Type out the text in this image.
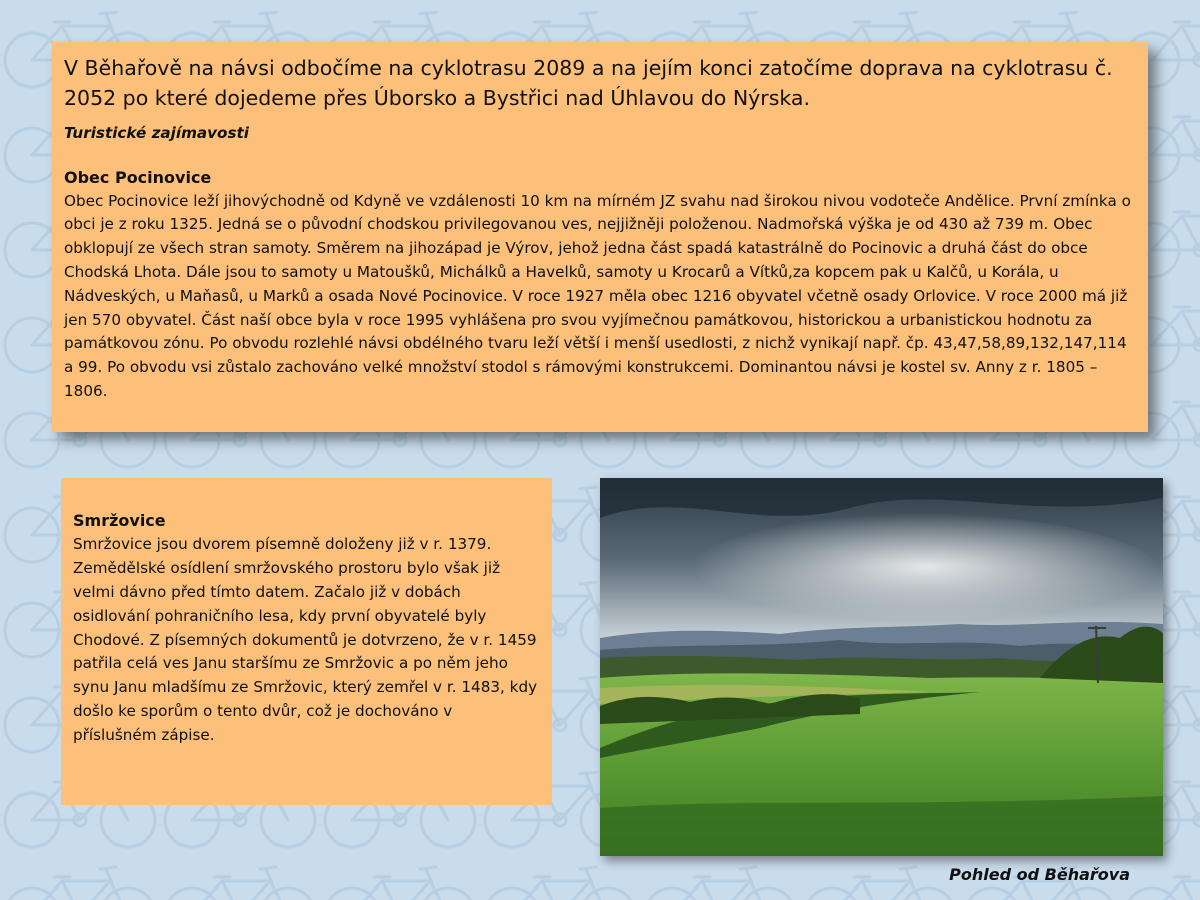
V Běhařově na návsi odbočíme na cyklotrasu 2089 a na jejím konci zatočíme doprava na cyklotrasu č. 2052 po které dojedeme přes Úborsko a Bystřici nad Úhlavou do Nýrska.

Turistické zajímavosti

Obec Pocinovice

Obec Pocinovice leží jihovýchodně od Kdyně ve vzdálenosti 10 km na mírném JZ svahu nad širokou nivou vodoteče Andělice. První zmínka o obci je z roku 1325. Jedná se o původní chodskou privilegovanou ves, nejjižněji položenou. Nadmořská výška je od 430 až 739 m. Obec obklopují ze všech stran samoty. Směrem na jihozápad je Výrov, jehož jedna část spadá katastrálně do Pocinovic a druhá část do obce Chodská Lhota. Dále jsou to samoty u Matoušků, Michálků a Havelků, samoty u Krocarů a Vítků,za kopcem pak u Kalčů, u Korála, u Nádveských, u Maňasů, u Marků a osada Nové Pocinovice. V roce 1927 měla obec 1216 obyvatel včetně osady Orlovice. V roce 2000 má již jen 570 obyvatel. Část naší obce byla v roce 1995 vyhlášena pro svou vyjímečnou památkovou, historickou a urbanistickou hodnotu za památkovou zónu. Po obvodu rozlehlé návsi obdélného tvaru leží větší i menší usedlosti, z nichž vynikají např. čp. 43,47,58,89,132,147,114 a 99. Po obvodu vsi zůstalo zachováno velké množství stodol s rámovými konstrukcemi. Dominantou návsi je kostel sv. Anny z r. 1805 – 1806.

Smržovice

Smržovice jsou dvorem písemně doloženy již v r. 1379. Zemědělské osídlení smržovského prostoru bylo však již velmi dávno před tímto datem. Začalo již v dobách osidlování pohraničního lesa, kdy první obyvatelé byly Chodové. Z písemných dokumentů je dotvrzeno, že v r. 1459 patřila celá ves Janu staršímu ze Smržovic a po něm jeho synu Janu mladšímu ze Smržovic, který zemřel v r. 1483, kdy došlo ke sporům o tento dvůr, což je dochováno v příslušném zápise.

Pohled od Běhařova
